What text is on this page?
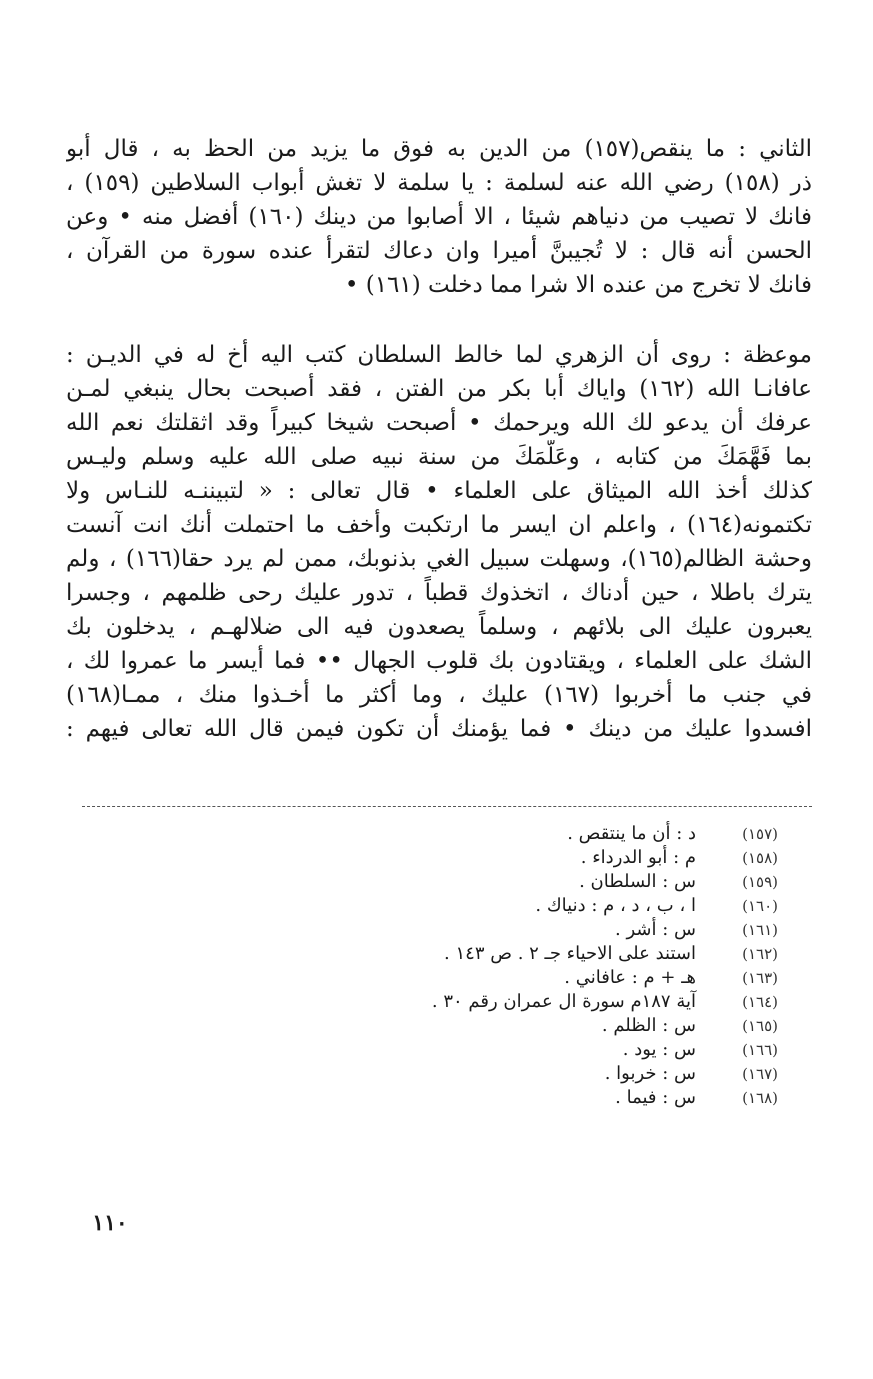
الثاني : ما ينقص(١٥٧) من الدين به فوق ما يزيد من الحظ به ، قال أبو
ذر (١٥٨) رضي الله عنه لسلمة : يا سلمة لا تغش أبواب السلاطين (١٥٩) ،
فانك لا تصيب من دنياهم شيئا ، الا أصابوا من دينك (١٦٠) أفضل منه • وعن
الحسن أنه قال : لا تُجيبنَّ أميرا وان دعاك لتقرأ عنده سورة من القرآن ،
فانك لا تخرج من عنده الا شرا مما دخلت (١٦١) •
موعظة : روى أن الزهري لما خالط السلطان كتب اليه أخ له في الديـن :
عافانـا الله (١٦٢) واياك أبا بكر من الفتن ، فقد أصبحت بحال ينبغي لمـن
عرفك أن يدعو لك الله ويرحمك • أصبحت شيخا كبيراً وقد اثقلتك نعم الله
بما فَهَّمَكَ من كتابه ، وعَلَّمَكَ من سنة نبيه صلى الله عليه وسلم وليـس
كذلك أخذ الله الميثاق على العلماء • قال تعالى : « لتبيننـه للنـاس ولا
تكتمونه(١٦٤) ، واعلم ان ايسر ما ارتكبت وأخف ما احتملت أنك انت آنست
وحشة الظالم(١٦٥)، وسهلت سبيل الغي بذنوبك، ممن لم يرد حقا(١٦٦) ، ولم
يترك باطلا ، حين أدناك ، اتخذوك قطباً ، تدور عليك رحى ظلمهم ، وجسرا
يعبرون عليك الى بلائهم ، وسلماً يصعدون فيه الى ضلالهـم ، يدخلون بك
الشك على العلماء ، ويقتادون بك قلوب الجهال •• فما أيسر ما عمروا لك ،
في جنب ما أخربوا (١٦٧) عليك ، وما أكثر ما أخـذوا منك ، ممـا(١٦٨)
افسدوا عليك من دينك • فما يؤمنك أن تكون فيمن قال الله تعالى فيهم :
(١٥٧)
د : أن ما ينتقص .
(١٥٨)
م : أبو الدرداء .
(١٥٩)
س : السلطان .
(١٦٠)
ا ، ب ، د ، م : دنياك .
(١٦١)
س : أشر .
(١٦٢)
استند على الاحياء جـ ٢ . ص ١٤٣ .
(١٦٣)
هـ + م : عافاني .
(١٦٤)
آية ١٨٧م سورة ال عمران رقم ٣٠ .
(١٦٥)
س : الظلم .
(١٦٦)
س : يود .
(١٦٧)
س : خربوا .
(١٦٨)
س : فيما .
١١٠
